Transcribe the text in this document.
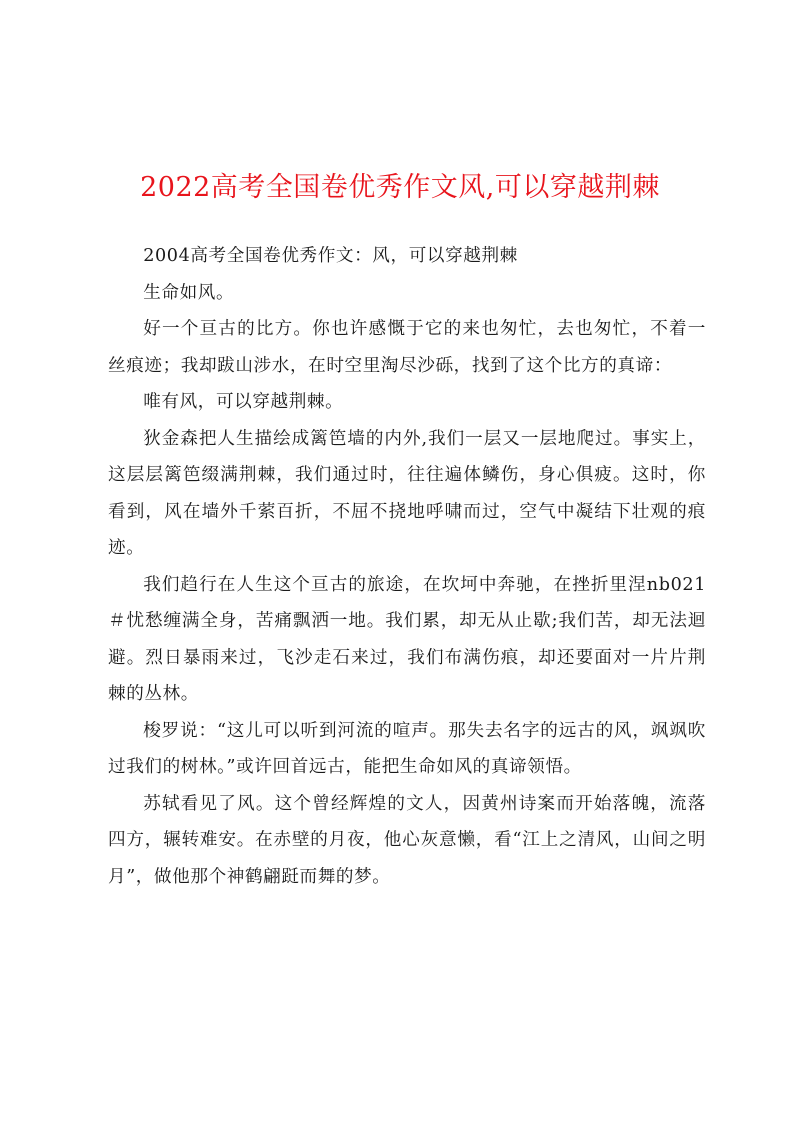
2022高考全国卷优秀作文风,可以穿越荆棘

2004高考全国卷优秀作文：风，可以穿越荆棘

生命如风。

好一个亘古的比方。你也许感慨于它的来也匆忙，去也匆忙，不着一丝痕迹；我却跋山涉水，在时空里淘尽沙砾，找到了这个比方的真谛：

唯有风，可以穿越荆棘。

狄金森把人生描绘成篱笆墙的内外,我们一层又一层地爬过。事实上，这层层篱笆缀满荆棘，我们通过时，往往遍体鳞伤，身心俱疲。这时，你看到，风在墙外千萦百折，不屈不挠地呼啸而过，空气中凝结下壮观的痕迹。

我们趋行在人生这个亘古的旅途，在坎坷中奔驰，在挫折里涅nb021＃忧愁缠满全身，苦痛飘洒一地。我们累，却无从止歇;我们苦，却无法迴避。烈日暴雨来过，飞沙走石来过，我们布满伤痕，却还要面对一片片荆棘的丛林。

梭罗说：“这儿可以听到河流的喧声。那失去名字的远古的风，飒飒吹过我们的树林。”或许回首远古，能把生命如风的真谛领悟。

苏轼看见了风。这个曾经辉煌的文人，因黄州诗案而开始落魄，流落四方，辗转难安。在赤壁的月夜，他心灰意懒，看“江上之清风，山间之明月”，做他那个神鹤翩跹而舞的梦。
